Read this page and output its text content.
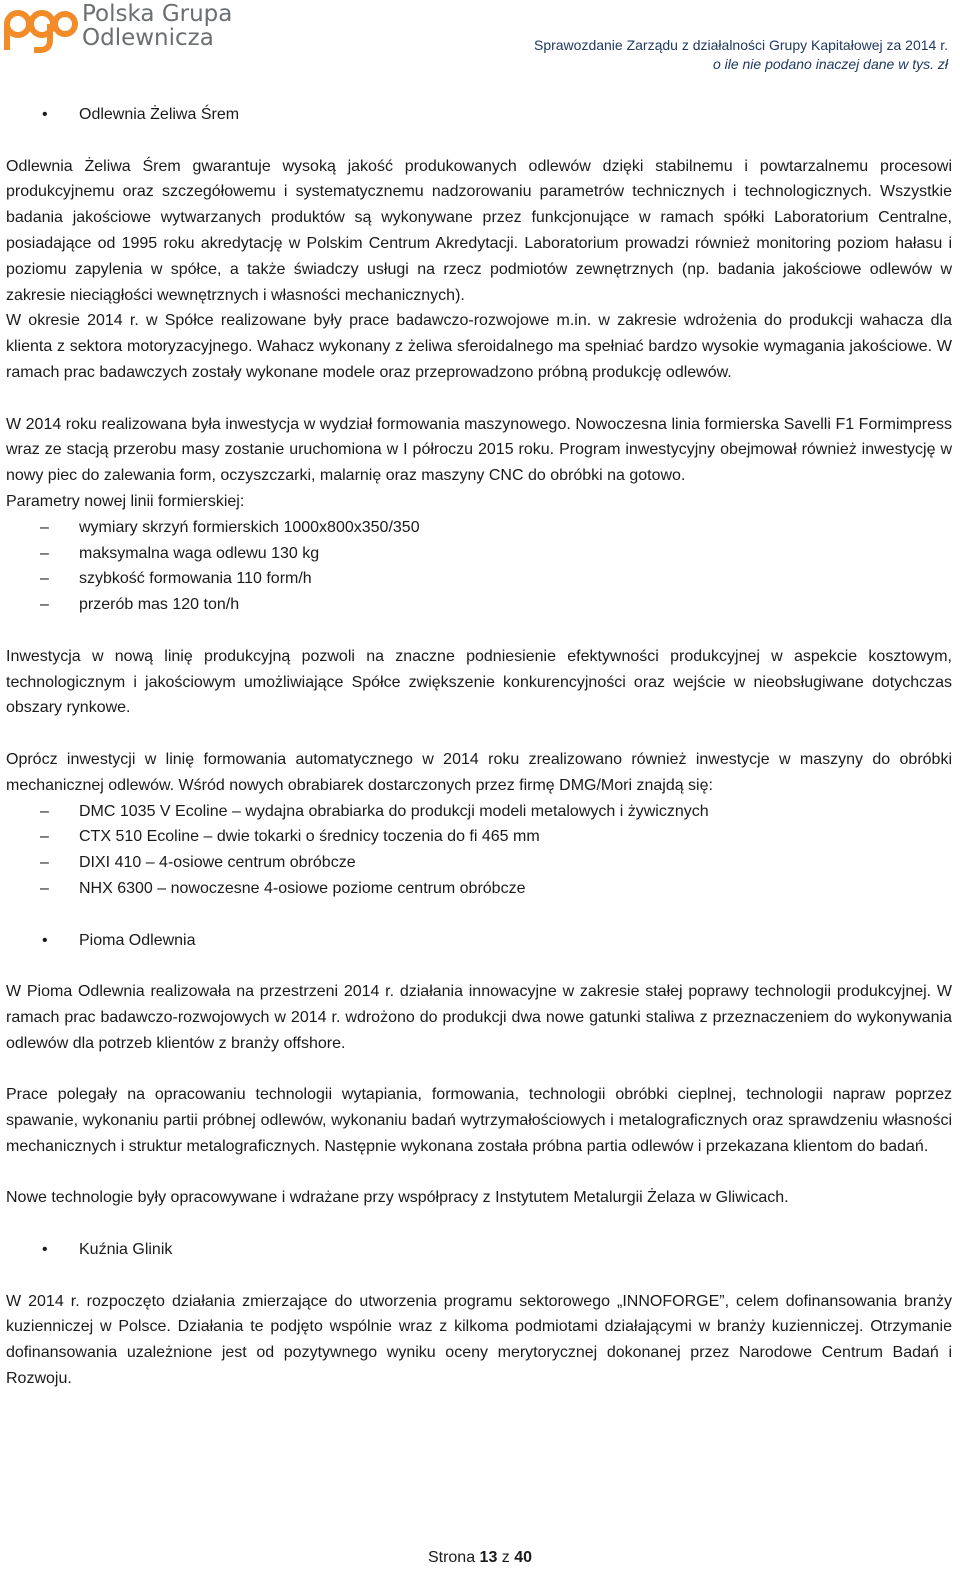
Polska Grupa
Odlewnicza	Sprawozdanie Zarządu z działalności Grupy Kapitałowej za 2014 r.
o ile nie podano inaczej dane w tys. zł
• Odlewnia Żeliwa Śrem

Odlewnia Żeliwa Śrem gwarantuje wysoką jakość produkowanych odlewów dzięki stabilnemu i powtarzalnemu procesowi produkcyjnemu oraz szczegółowemu i systematycznemu nadzorowaniu parametrów technicznych i technologicznych. Wszystkie badania jakościowe wytwarzanych produktów są wykonywane przez funkcjonujące w ramach spółki Laboratorium Centralne, posiadające od 1995 roku akredytację w Polskim Centrum Akredytacji. Laboratorium prowadzi również monitoring poziom hałasu i poziomu zapylenia w spółce, a także świadczy usługi na rzecz podmiotów zewnętrznych (np. badania jakościowe odlewów w zakresie nieciągłości wewnętrznych i własności mechanicznych).

W okresie 2014 r. w Spółce realizowane były prace badawczo-rozwojowe m.in. w zakresie wdrożenia do produkcji wahacza dla klienta z sektora motoryzacyjnego. Wahacz wykonany z żeliwa sferoidalnego ma spełniać bardzo wysokie wymagania jakościowe. W ramach prac badawczych zostały wykonane modele oraz przeprowadzono próbną produkcję odlewów.

W 2014 roku realizowana była inwestycja w wydział formowania maszynowego. Nowoczesna linia formierska Savelli F1 Formimpress wraz ze stacją przerobu masy zostanie uruchomiona w I półroczu 2015 roku. Program inwestycyjny obejmował również inwestycję w nowy piec do zalewania form, oczyszczarki, malarnię oraz maszyny CNC do obróbki na gotowo.

Parametry nowej linii formierskiej:

– wymiary skrzyń formierskich 1000x800x350/350
– maksymalna waga odlewu 130 kg
– szybkość formowania 110 form/h
– przerób mas 120 ton/h

Inwestycja w nową linię produkcyjną pozwoli na znaczne podniesienie efektywności produkcyjnej w aspekcie kosztowym, technologicznym i jakościowym umożliwiające Spółce zwiększenie konkurencyjności oraz wejście w nieobsługiwane dotychczas obszary rynkowe.

Oprócz inwestycji w linię formowania automatycznego w 2014 roku zrealizowano również inwestycje w maszyny do obróbki mechanicznej odlewów. Wśród nowych obrabiarek dostarczonych przez firmę DMG/Mori znajdą się:

– DMC 1035 V Ecoline – wydajna obrabiarka do produkcji modeli metalowych i żywicznych
– CTX 510 Ecoline – dwie tokarki o średnicy toczenia do fi 465 mm
– DIXI 410 – 4-osiowe centrum obróbcze
– NHX 6300 – nowoczesne 4-osiowe poziome centrum obróbcze
• Pioma Odlewnia

W Pioma Odlewnia realizowała na przestrzeni 2014 r. działania innowacyjne w zakresie stałej poprawy technologii produkcyjnej. W ramach prac badawczo-rozwojowych w 2014 r. wdrożono do produkcji dwa nowe gatunki staliwa z przeznaczeniem do wykonywania odlewów dla potrzeb klientów z branży offshore.

Prace polegały na opracowaniu technologii wytapiania, formowania, technologii obróbki cieplnej, technologii napraw poprzez spawanie, wykonaniu partii próbnej odlewów, wykonaniu badań wytrzymałościowych i metalograficznych oraz sprawdzeniu własności mechanicznych i struktur metalograficznych. Następnie wykonana została próbna partia odlewów i przekazana klientom do badań.

Nowe technologie były opracowywane i wdrażane przy współpracy z Instytutem Metalurgii Żelaza w Gliwicach.

• Kuźnia Glinik

W 2014 r. rozpoczęto działania zmierzające do utworzenia programu sektorowego „INNOFORGE”, celem dofinansowania branży kuzienniczej w Polsce. Działania te podjęto wspólnie wraz z kilkoma podmiotami działającymi w branży kuzienniczej. Otrzymanie dofinansowania uzależnione jest od pozytywnego wyniku oceny merytorycznej dokonanej przez Narodowe Centrum Badań i Rozwoju.

Strona 13 z 40
